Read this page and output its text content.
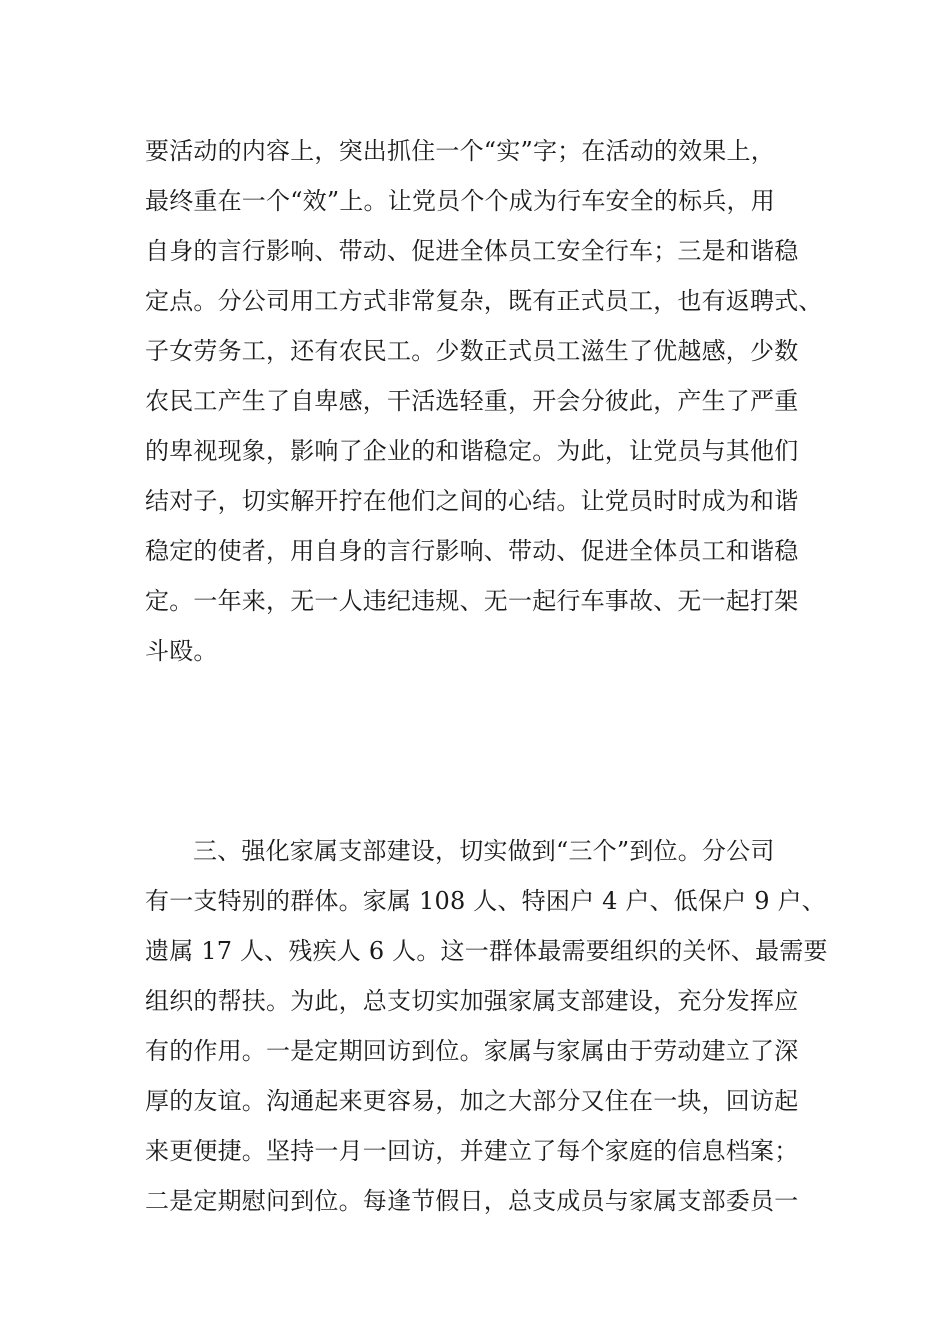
要活动的内容上，突出抓住一个“实”字；在活动的效果上，

最终重在一个“效”上。让党员个个成为行车安全的标兵，用

自身的言行影响、带动、促进全体员工安全行车；三是和谐稳

定点。分公司用工方式非常复杂，既有正式员工，也有返聘式、

子女劳务工，还有农民工。少数正式员工滋生了优越感，少数

农民工产生了自卑感，干活选轻重，开会分彼此，产生了严重

的卑视现象，影响了企业的和谐稳定。为此，让党员与其他们

结对子，切实解开拧在他们之间的心结。让党员时时成为和谐

稳定的使者，用自身的言行影响、带动、促进全体员工和谐稳

定。一年来，无一人违纪违规、无一起行车事故、无一起打架

斗殴。

三、强化家属支部建设，切实做到“三个”到位。分公司

有一支特别的群体。家属 108 人、特困户 4 户、低保户 9 户、

遗属 17 人、残疾人 6 人。这一群体最需要组织的关怀、最需要

组织的帮扶。为此，总支切实加强家属支部建设，充分发挥应

有的作用。一是定期回访到位。家属与家属由于劳动建立了深

厚的友谊。沟通起来更容易，加之大部分又住在一块，回访起

来更便捷。坚持一月一回访，并建立了每个家庭的信息档案；

二是定期慰问到位。每逢节假日，总支成员与家属支部委员一
